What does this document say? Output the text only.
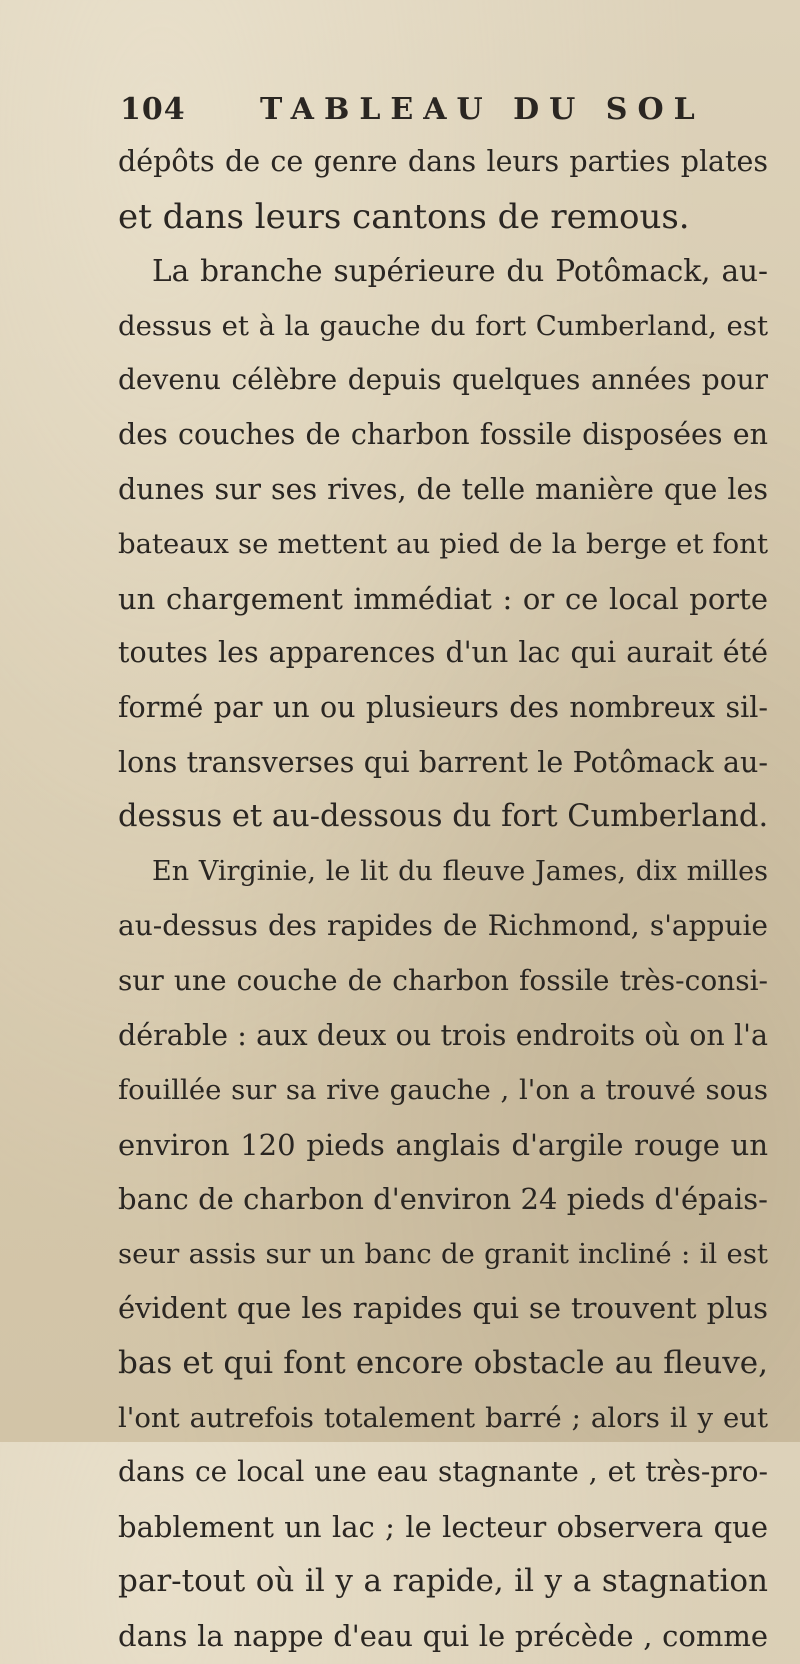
104 TABLEAU DU SOL
dépôts de ce genre dans leurs parties plates
et dans leurs cantons de remous.
La branche supérieure du Potômack, au-
dessus et à la gauche du fort Cumberland, est
devenu célèbre depuis quelques années pour
des couches de charbon fossile disposées en
dunes sur ses rives, de telle manière que les
bateaux se mettent au pied de la berge et font
un chargement immédiat : or ce local porte
toutes les apparences d'un lac qui aurait été
formé par un ou plusieurs des nombreux sil-
lons transverses qui barrent le Potômack au-
dessus et au-dessous du fort Cumberland.
En Virginie, le lit du fleuve James, dix milles
au-dessus des rapides de Richmond, s'appuie
sur une couche de charbon fossile très-consi-
dérable : aux deux ou trois endroits où on l'a
fouillée sur sa rive gauche , l'on a trouvé sous
environ 120 pieds anglais d'argile rouge un
banc de charbon d'environ 24 pieds d'épais-
seur assis sur un banc de granit incliné : il est
évident que les rapides qui se trouvent plus
bas et qui font encore obstacle au fleuve,
l'ont autrefois totalement barré ; alors il y eut
dans ce local une eau stagnante , et très-pro-
bablement un lac ; le lecteur observera que
par-tout où il y a rapide, il y a stagnation
dans la nappe d'eau qui le précède , comme
